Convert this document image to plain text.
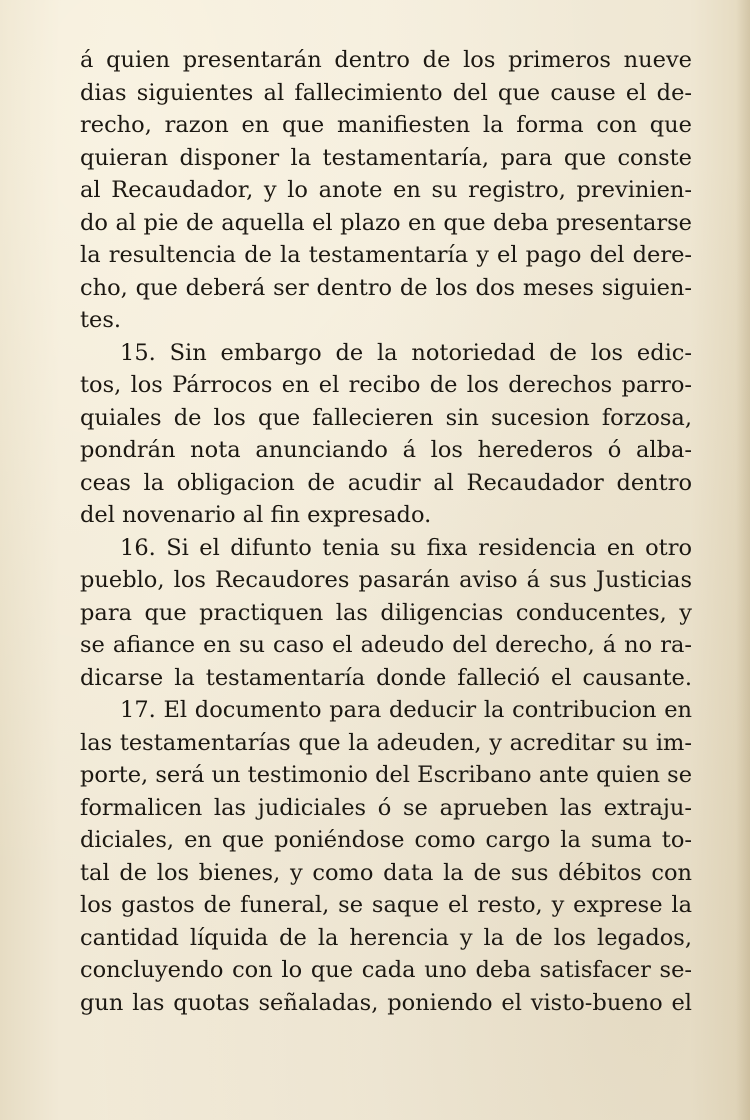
á quien presentarán dentro de los primeros nueve
dias siguientes al fallecimiento del que cause el de-
recho, razon en que manifiesten la forma con que
quieran disponer la testamentaría, para que conste
al Recaudador, y lo anote en su registro, previnien-
do al pie de aquella el plazo en que deba presentarse
la resultencia de la testamentaría y el pago del dere-
cho, que deberá ser dentro de los dos meses siguien-
tes.
15. Sin embargo de la notoriedad de los edic-
tos, los Párrocos en el recibo de los derechos parro-
quiales de los que fallecieren sin sucesion forzosa,
pondrán nota anunciando á los herederos ó alba-
ceas la obligacion de acudir al Recaudador dentro
del novenario al fin expresado.
16. Si el difunto tenia su fixa residencia en otro
pueblo, los Recaudores pasarán aviso á sus Justicias
para que practiquen las diligencias conducentes, y
se afiance en su caso el adeudo del derecho, á no ra-
dicarse la testamentaría donde falleció el causante.
17. El documento para deducir la contribucion en
las testamentarías que la adeuden, y acreditar su im-
porte, será un testimonio del Escribano ante quien se
formalicen las judiciales ó se aprueben las extraju-
diciales, en que poniéndose como cargo la suma to-
tal de los bienes, y como data la de sus débitos con
los gastos de funeral, se saque el resto, y exprese la
cantidad líquida de la herencia y la de los legados,
concluyendo con lo que cada uno deba satisfacer se-
gun las quotas señaladas, poniendo el visto-bueno el
